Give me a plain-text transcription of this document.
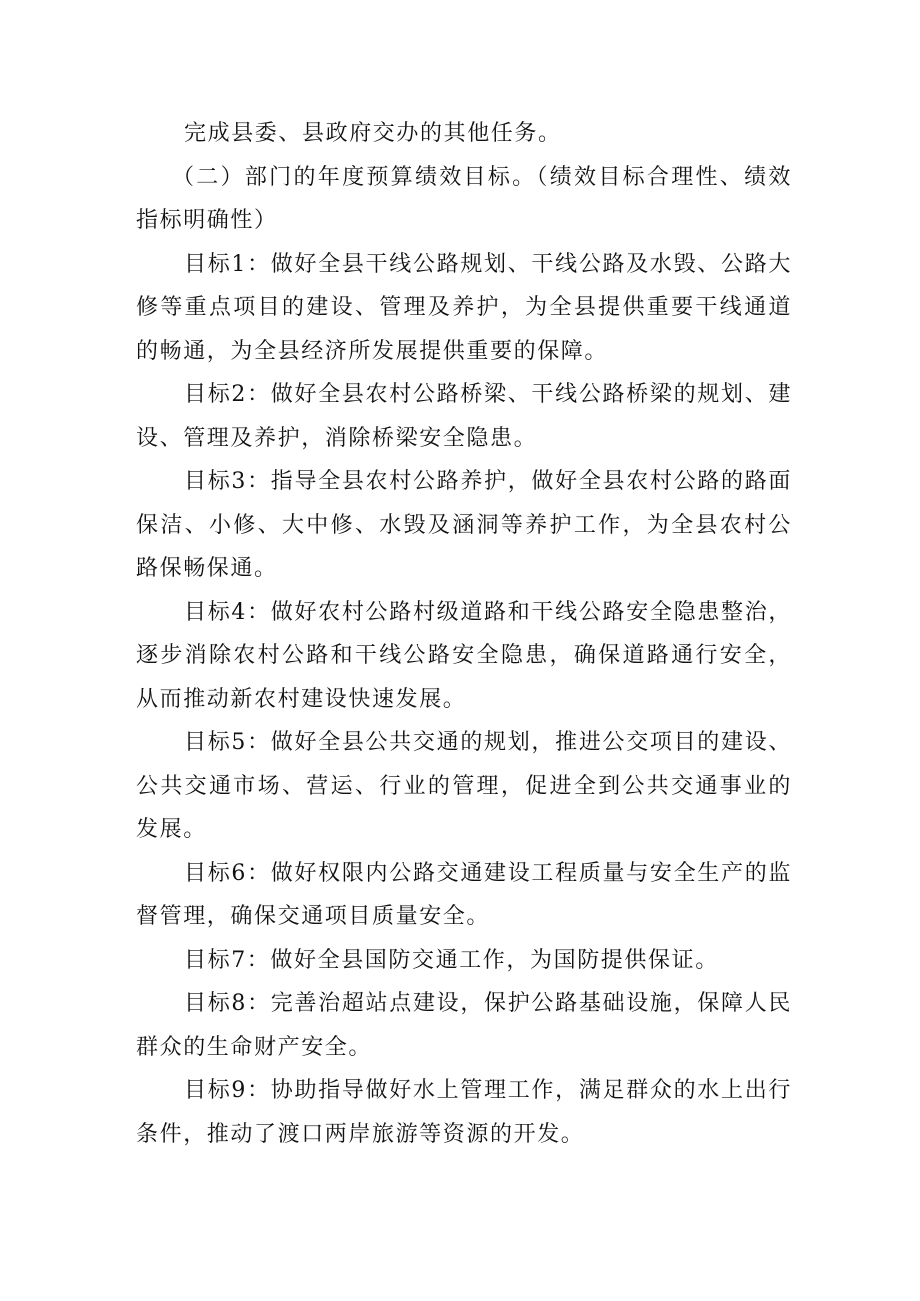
完成县委、县政府交办的其他任务。

（二）部门的年度预算绩效目标。（绩效目标合理性、绩效指标明确性）

目标1：做好全县干线公路规划、干线公路及水毁、公路大修等重点项目的建设、管理及养护，为全县提供重要干线通道的畅通，为全县经济所发展提供重要的保障。

目标2：做好全县农村公路桥梁、干线公路桥梁的规划、建设、管理及养护，消除桥梁安全隐患。

目标3：指导全县农村公路养护，做好全县农村公路的路面保洁、小修、大中修、水毁及涵洞等养护工作，为全县农村公路保畅保通。

目标4：做好农村公路村级道路和干线公路安全隐患整治，逐步消除农村公路和干线公路安全隐患，确保道路通行安全，从而推动新农村建设快速发展。

目标5：做好全县公共交通的规划，推进公交项目的建设、公共交通市场、营运、行业的管理，促进全到公共交通事业的发展。

目标6：做好权限内公路交通建设工程质量与安全生产的监督管理，确保交通项目质量安全。

目标7：做好全县国防交通工作，为国防提供保证。

目标8：完善治超站点建设，保护公路基础设施，保障人民群众的生命财产安全。

目标9：协助指导做好水上管理工作，满足群众的水上出行条件，推动了渡口两岸旅游等资源的开发。
